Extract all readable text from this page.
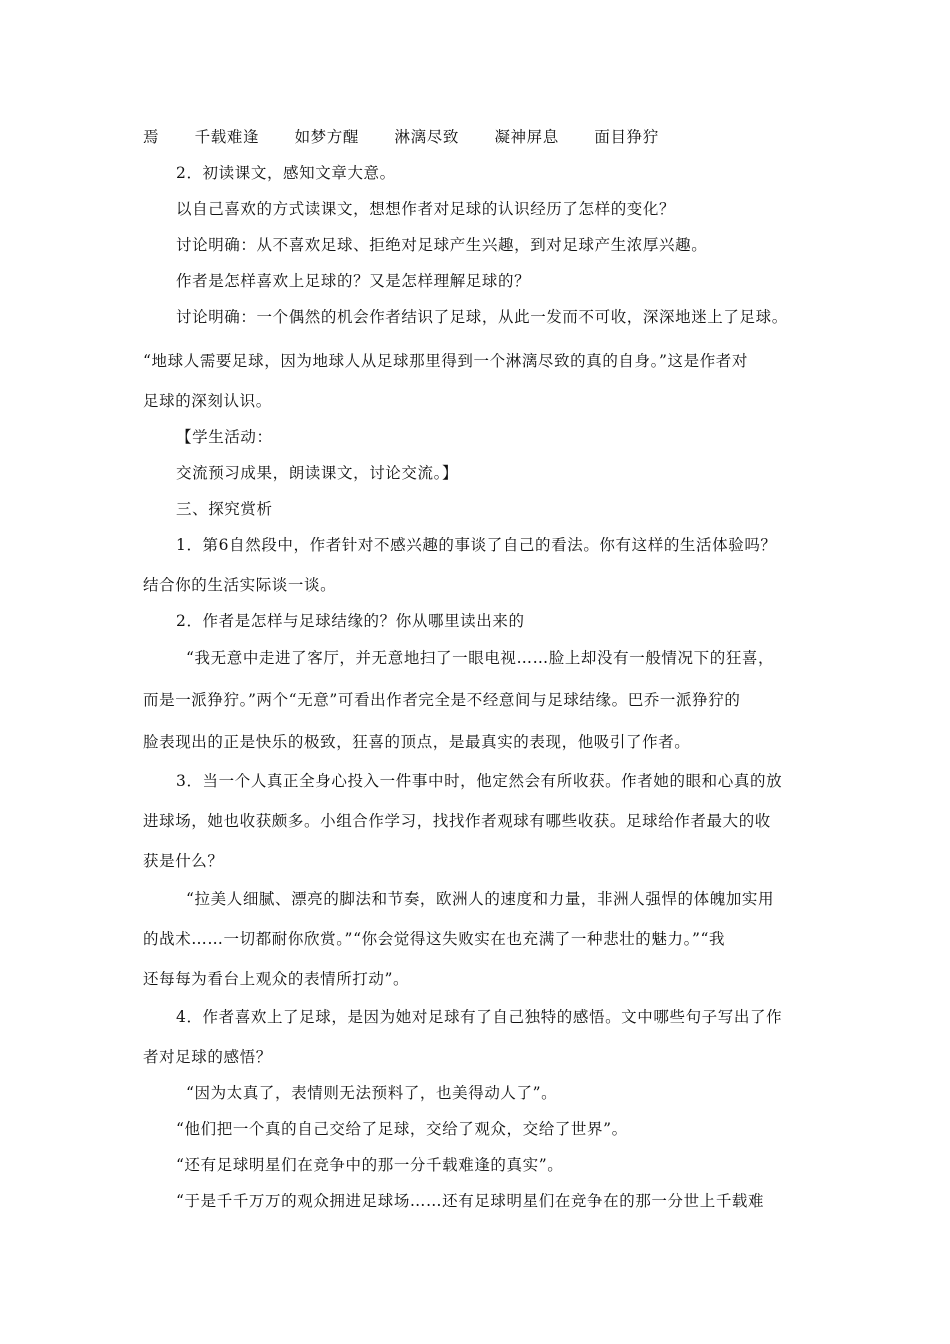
焉 千载难逢 如梦方醒 淋漓尽致 凝神屏息 面目狰狞
2．初读课文，感知文章大意。
以自己喜欢的方式读课文，想想作者对足球的认识经历了怎样的变化？
讨论明确：从不喜欢足球、拒绝对足球产生兴趣，到对足球产生浓厚兴趣。
作者是怎样喜欢上足球的？又是怎样理解足球的？
讨论明确：一个偶然的机会作者结识了足球，从此一发而不可收，深深地迷上了足球。
“地球人需要足球，因为地球人从足球那里得到一个淋漓尽致的真的自身。”这是作者对
足球的深刻认识。
【学生活动：
交流预习成果，朗读课文，讨论交流。】
三、探究赏析
1．第6自然段中，作者针对不感兴趣的事谈了自己的看法。你有这样的生活体验吗？
结合你的生活实际谈一谈。
2．作者是怎样与足球结缘的？你从哪里读出来的
“我无意中走进了客厅，并无意地扫了一眼电视……脸上却没有一般情况下的狂喜，
而是一派狰狞。”两个“无意”可看出作者完全是不经意间与足球结缘。巴乔一派狰狞的
脸表现出的正是快乐的极致，狂喜的顶点，是最真实的表现，他吸引了作者。
3．当一个人真正全身心投入一件事中时，他定然会有所收获。作者她的眼和心真的放
进球场，她也收获颇多。小组合作学习，找找作者观球有哪些收获。足球给作者最大的收
获是什么？
“拉美人细腻、漂亮的脚法和节奏，欧洲人的速度和力量，非洲人强悍的体魄加实用
的战术……一切都耐你欣赏。”“你会觉得这失败实在也充满了一种悲壮的魅力。”“我
还每每为看台上观众的表情所打动”。
4．作者喜欢上了足球，是因为她对足球有了自己独特的感悟。文中哪些句子写出了作
者对足球的感悟？
“因为太真了，表情则无法预料了，也美得动人了”。
“他们把一个真的自己交给了足球，交给了观众，交给了世界”。
“还有足球明星们在竞争中的那一分千载难逢的真实”。
“于是千千万万的观众拥进足球场……还有足球明星们在竞争在的那一分世上千载难
